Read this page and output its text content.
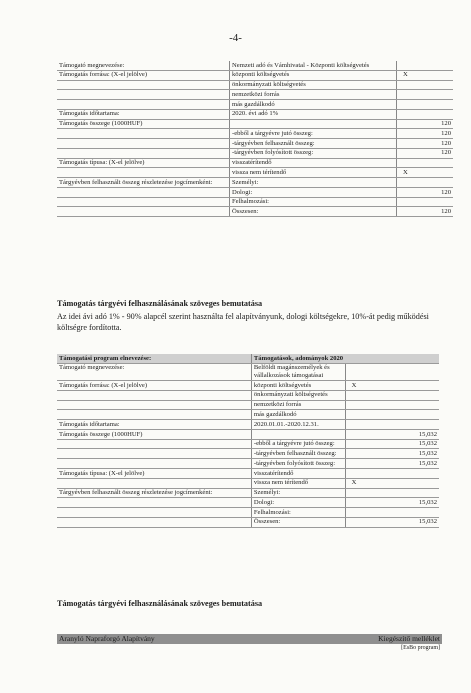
-4-
Támogató megnevezése:	Nemzeti adó és Vámhivatal - Központi költségvetés	
Támogatás forrása: (X-el jelölve)	központi költségvetés	X
	önkormányzati költségvetés	
	nemzetközi forrás	
	más gazdálkodó	
Támogatás időtartama:	2020. évi adó 1%	
Támogatás összege (1000HUF)		120
	-ebből a tárgyévre jutó összeg:	120
	-tárgyévben felhasznált összeg:	120
	-tárgyévben folyósított összeg:	120
Támogatás típusa: (X-el jelölve)	visszatérítendő	
	vissza nem térítendő	X
Tárgyévben felhasznált összeg részletezése jogcímenként:	Személyi:	
	Dologi:	120
	Felhalmozási:	
	Összesen:	120
Támogatás tárgyévi felhasználásának szöveges bemutatása
Az idei ávi adó 1% - 90% alapcél szerint használta fel alapítványunk, dologi költségekre, 10%-át pedig működési költségre fordította.
Támogatási program elnevezése:	Támogatások, adományok 2020	
Támogató megnevezése:	Belföldi magánszemélyek és vállalkozások támogatásai	
Támogatás forrása: (X-el jelölve)	központi költségvetés	X
	önkormányzati költségvetés	
	nemzetközi forrás	
	más gazdálkodó	
Támogatás időtartama:	2020.01.01.-2020.12.31.	
Támogatás összege (1000HUF)		15,032
	-ebből a tárgyévre jutó összeg:	15,032
	-tárgyévben felhasznált összeg:	15,032
	-tárgyévben folyósított összeg:	15,032
Támogatás típusa: (X-el jelölve)	visszatérítendő	
	vissza nem térítendő	X
Tárgyévben felhasznált összeg részletezése jogcímenként:	Személyi:	
	Dologi:	15,032
	Felhalmozási:	
	Összesen:	15,032
Támogatás tárgyévi felhasználásának szöveges bemutatása
Aranyló Napraforgó Alapítvány	Kiegészítő melléklet
[EsBo program]
